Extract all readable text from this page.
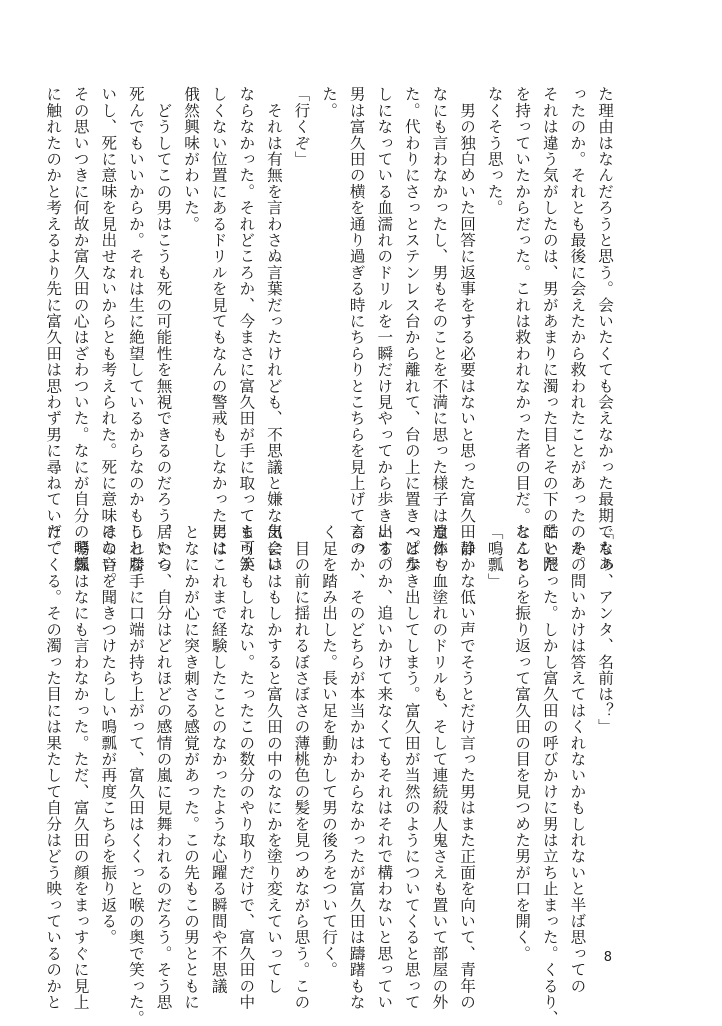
た理由はなんだろうと思う。会いたくても会えなかった最期でもあ
ったのか。それとも最後に会えたから救われたことがあったのか。
それは違う気がしたのは、男があまりに濁った目とその下の酷い隈
を持っていたからだった。これは救われなかった者の目だ。なんと
なくそう思った。
　男の独白めいた回答に返事をする必要はないと思った富久田は
なにも言わなかったし、男もそのことを不満に思った様子はなかっ
た。代わりにさっとステンレス台から離れて、台の上に置きっぱな
しになっている血濡れのドリルを一瞬だけ見やってから歩き出す。
男は富久田の横を通り過ぎる時にちらりとこちらを見上げて言っ
た。
「行くぞ」
　それは有無を言わさぬ言葉だったけれども、不思議と嫌な気には
ならなかった。それどころか、今まさに富久田が手に取っても可笑
しくない位置にあるドリルを見てもなんの警戒もしなかった男に
俄然興味がわいた。
　どうしてこの男はこうも死の可能性を無視できるのだろう。いつ
死んでもいいからか。それは生に絶望しているからなのかもしれな
いし、死に意味を見出せないからとも考えられた。死に意味はない。
その思いつきに何故か富久田の心はざわついた。なにが自分の琴線
に触れたのかと考えるより先に富久田は思わず男に尋ねていた。
「なぁ、アンタ、名前は？」
　その問いかけは答えてはくれないかもしれないと半ば思っての
ことだった。しかし富久田の呼びかけに男は立ち止まった。くるり、
とこちらを振り返って富久田の目を見つめた男が口を開く。
「鳴瓢」
　静かな低い声でそうとだけ言った男はまた正面を向いて、青年の
遺体も血塗れのドリルも、そして連続殺人鬼さえも置いて部屋の外
へと歩き出してしまう。富久田が当然のようについてくると思って
いるのか、追いかけて来なくてもそれはそれで構わないと思ってい
るのか、そのどちらが本当かはわからなかったが富久田は躊躇もな
く足を踏み出した。長い足を動かして男の後ろをついて行く。
　目の前に揺れるぼさぼさの薄桃色の髪を見つめながら思う。この
出会いはもしかすると富久田の中のなにかを塗り変えていってし
まうかもしれない。たったこの数分のやり取りだけで、富久田の中
にはこれまで経験したことのなかったような心躍る瞬間や不思議
となにかが心に突き刺さる感覚があった。この先もこの男とともに
居たら、自分はどれほどの感情の嵐に見舞われるのだろう。そう思
うと勝手に口端が持ち上がって、富久田はくくっと喉の奥で笑った。
その音を聞きつけたらしい鳴瓢が再度こちらを振り返る。
　鳴瓢はなにも言わなかった。ただ、富久田の顔をまっすぐに見上
げてくる。その濁った目には果たして自分はどう映っているのかと	8
